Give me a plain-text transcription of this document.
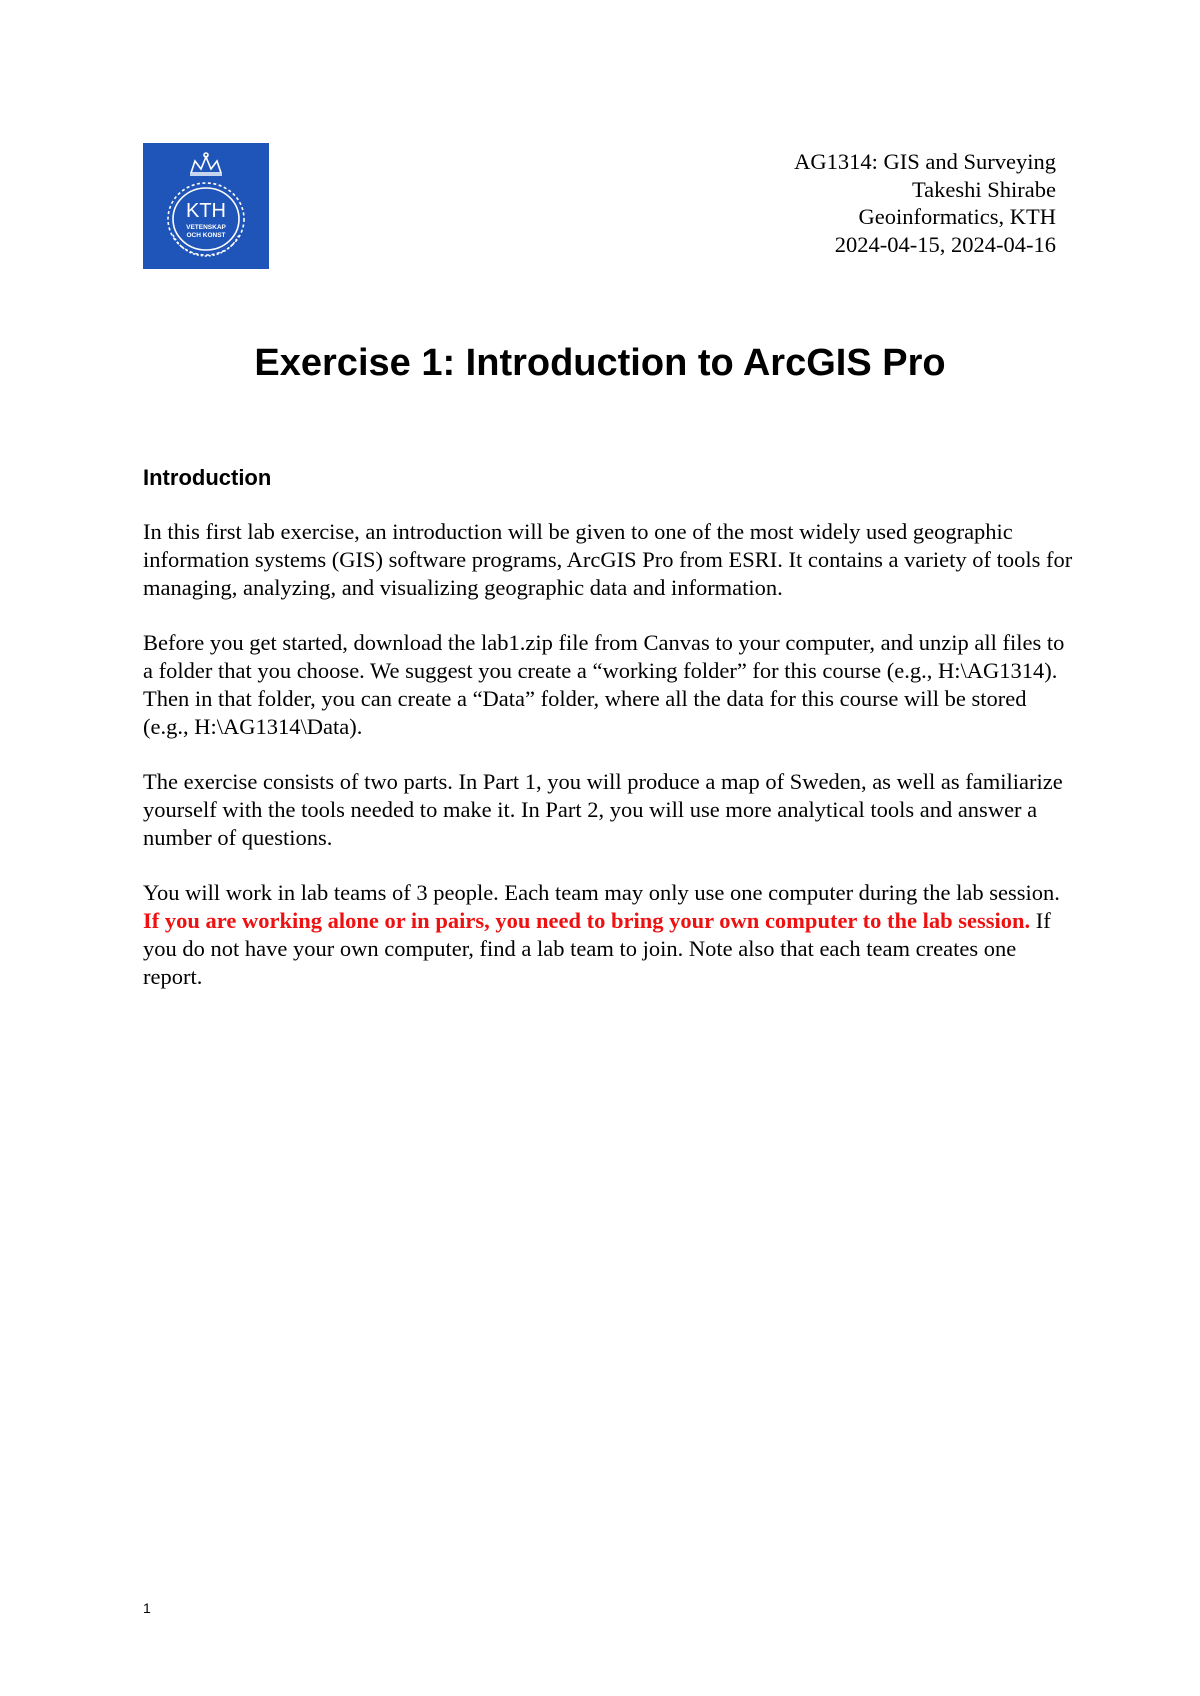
KTH
VETENSKAP
OCH KONST
AG1314: GIS and Surveying
Takeshi Shirabe
Geoinformatics, KTH
2024-04-15, 2024-04-16
Exercise 1: Introduction to ArcGIS Pro
Introduction

In this first lab exercise, an introduction will be given to one of the most widely used geographic information systems (GIS) software programs, ArcGIS Pro from ESRI. It contains a variety of tools for managing, analyzing, and visualizing geographic data and information.

Before you get started, download the lab1.zip file from Canvas to your computer, and unzip all files to a folder that you choose. We suggest you create a “working folder” for this course (e.g., H:\AG1314). Then in that folder, you can create a “Data” folder, where all the data for this course will be stored (e.g., H:\AG1314\Data).

The exercise consists of two parts. In Part 1, you will produce a map of Sweden, as well as familiarize yourself with the tools needed to make it. In Part 2, you will use more analytical tools and answer a number of questions.

You will work in lab teams of 3 people. Each team may only use one computer during the lab session. If you are working alone or in pairs, you need to bring your own computer to the lab session. If you do not have your own computer, find a lab team to join. Note also that each team creates one report.

1
